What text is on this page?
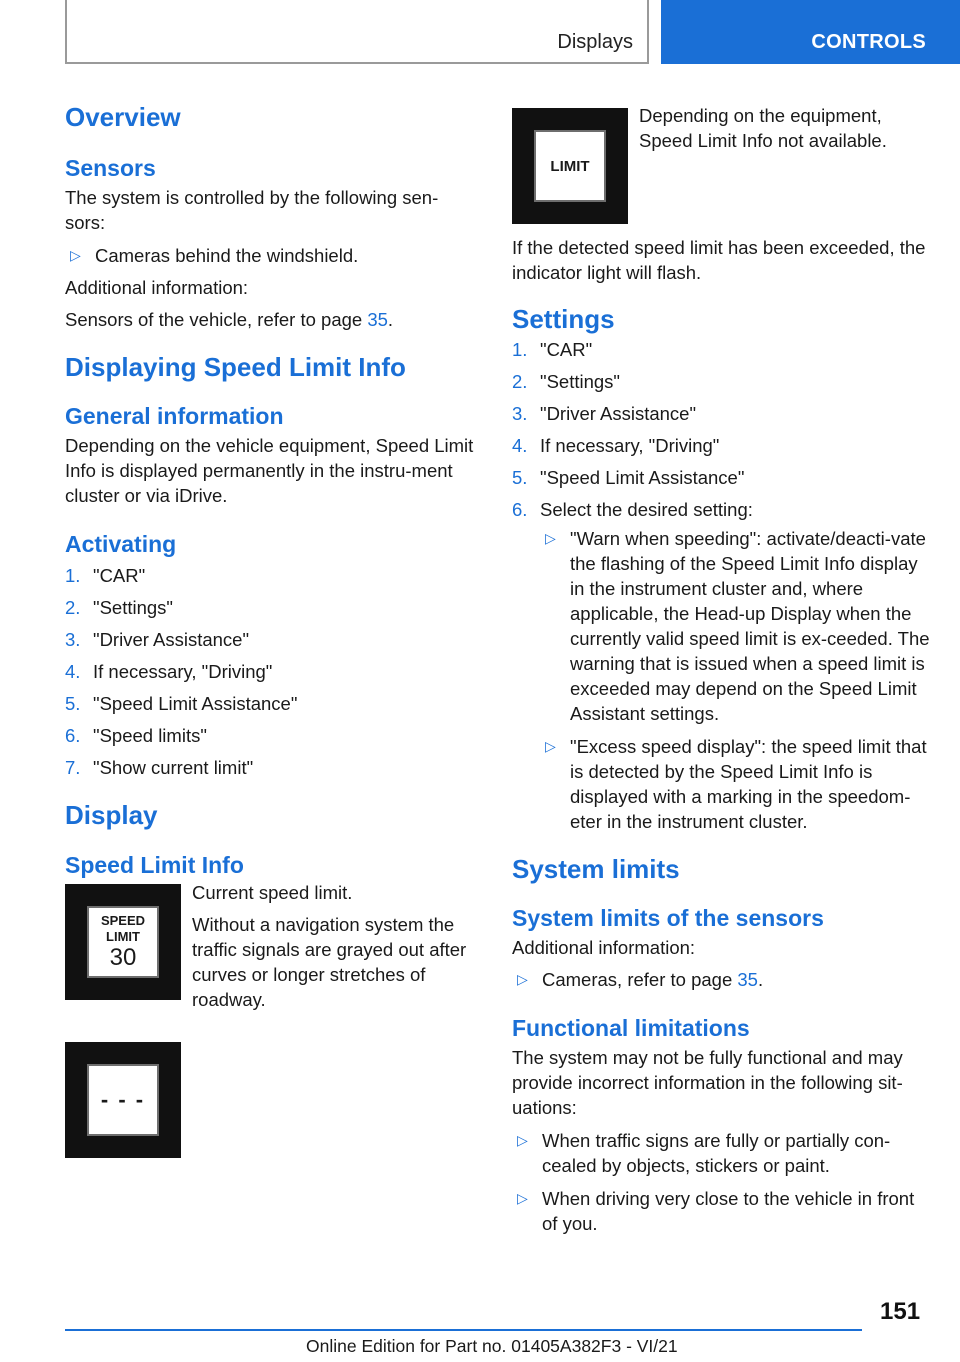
Displays	CONTROLS
Overview
Sensors

The system is controlled by the following sen-sors:

▷ Cameras behind the windshield.

Additional information:

Sensors of the vehicle, refer to page 35.

Displaying Speed Limit Info
General information

Depending on the vehicle equipment, Speed Limit Info is displayed permanently in the instru-ment cluster or via iDrive.

Activating
1. "CAR"
2. "Settings"
3. "Driver Assistance"
4. If necessary, "Driving"
5. "Speed Limit Assistance"
6. "Speed limits"
7. "Show current limit"
Display
Speed Limit Info
SPEED
LIMIT
30

Current speed limit.

Without a navigation system the traffic signals are grayed out after curves or longer stretches of roadway.

- - -
LIMIT

Depending on the equipment, Speed Limit Info not available.

If the detected speed limit has been exceeded, the indicator light will flash.

Settings
1. "CAR"
2. "Settings"
3. "Driver Assistance"
4. If necessary, "Driving"
5. "Speed Limit Assistance"
6. Select the desired setting:
▷ "Warn when speeding": activate/deacti-vate the flashing of the Speed Limit Info display in the instrument cluster and, where applicable, the Head-up Display when the currently valid speed limit is ex-ceeded. The warning that is issued when a speed limit is exceeded may depend on the Speed Limit Assistant settings.
▷ "Excess speed display": the speed limit that is detected by the Speed Limit Info is displayed with a marking in the speedom-eter in the instrument cluster.
System limits
System limits of the sensors

Additional information:

▷ Cameras, refer to page 35.
Functional limitations

The system may not be fully functional and may provide incorrect information in the following sit-uations:

▷ When traffic signs are fully or partially con-cealed by objects, stickers or paint.
▷ When driving very close to the vehicle in front of you.
151
Online Edition for Part no. 01405A382F3 - VI/21
